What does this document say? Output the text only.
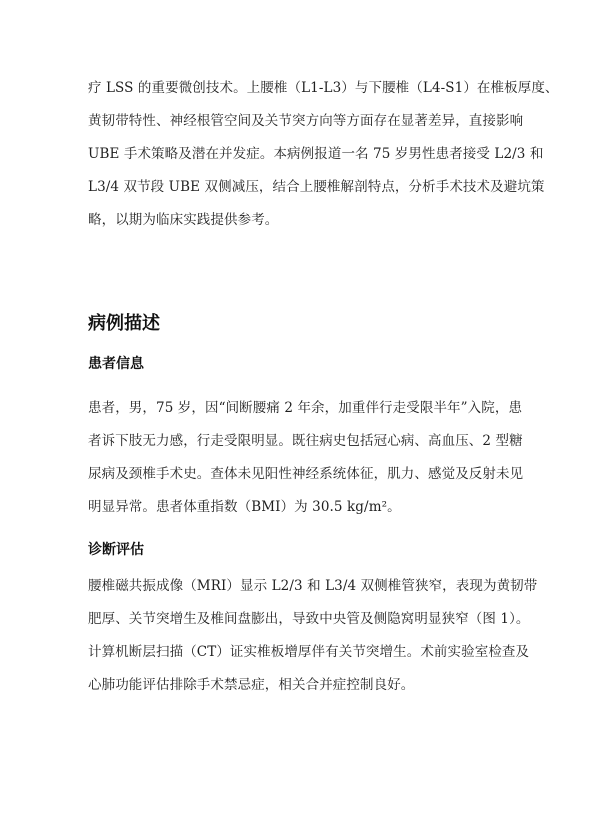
疗 LSS 的重要微创技术。上腰椎（L1-L3）与下腰椎（L4-S1）在椎板厚度、
黄韧带特性、神经根管空间及关节突方向等方面存在显著差异，直接影响
UBE 手术策略及潜在并发症。本病例报道一名 75 岁男性患者接受 L2/3 和
L3/4 双节段 UBE 双侧减压，结合上腰椎解剖特点，分析手术技术及避坑策
略，以期为临床实践提供参考。
病例描述
患者信息
患者，男，75 岁，因“间断腰痛 2 年余，加重伴行走受限半年”入院，患
者诉下肢无力感，行走受限明显。既往病史包括冠心病、高血压、2 型糖
尿病及颈椎手术史。查体未见阳性神经系统体征，肌力、感觉及反射未见
明显异常。患者体重指数（BMI）为 30.5 kg/m²。
诊断评估
腰椎磁共振成像（MRI）显示 L2/3 和 L3/4 双侧椎管狭窄，表现为黄韧带
肥厚、关节突增生及椎间盘膨出，导致中央管及侧隐窝明显狭窄（图 1）。
计算机断层扫描（CT）证实椎板增厚伴有关节突增生。术前实验室检查及
心肺功能评估排除手术禁忌症，相关合并症控制良好。
